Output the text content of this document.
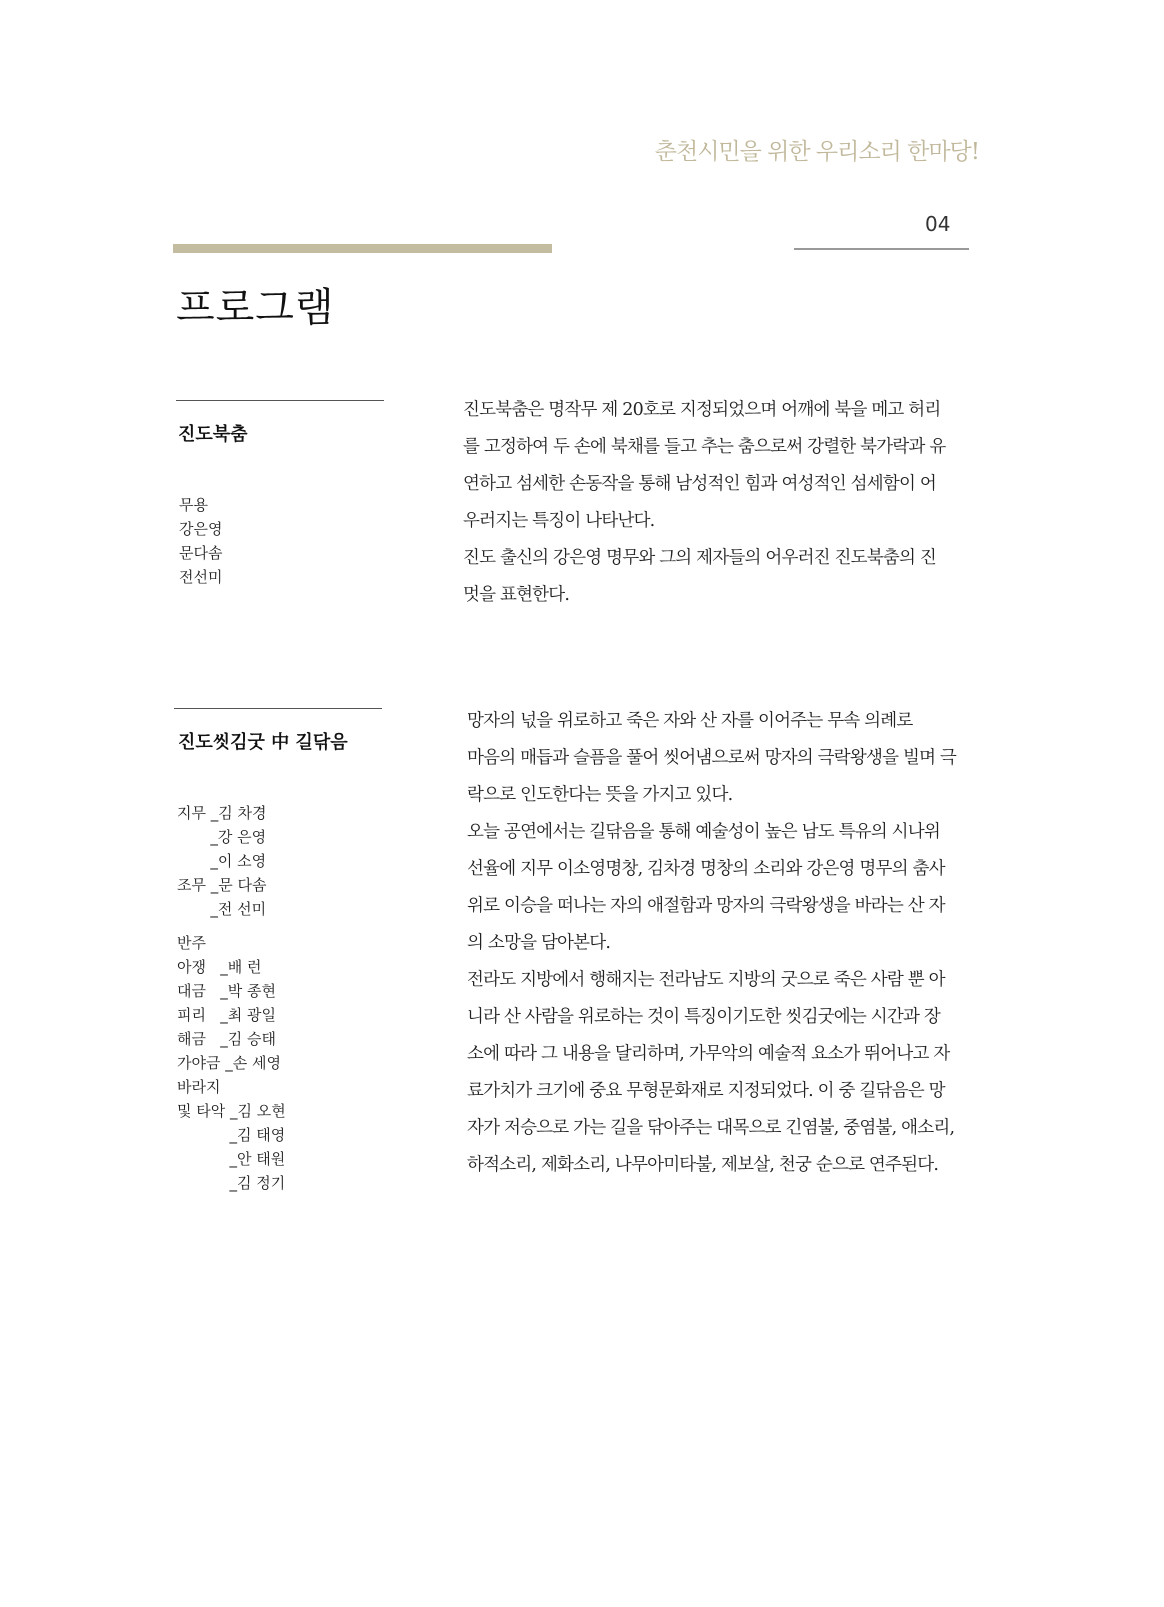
춘천시민을 위한 우리소리 한마당!
04
프로그램
진도북춤
무용
강은영
문다솜
전선미
진도북춤은 명작무 제 20호로 지정되었으며 어깨에 북을 메고 허리
를 고정하여 두 손에 북채를 들고 추는 춤으로써 강렬한 북가락과 유
연하고 섬세한 손동작을 통해 남성적인 힘과 여성적인 섬세함이 어
우러지는 특징이 나타난다.
진도 출신의 강은영 명무와 그의 제자들의 어우러진 진도북춤의 진
멋을 표현한다.
진도씻김굿 中 길닦음
지무 _김 차경
_강 은영
_이 소영
조무 _문 다솜
_전 선미
반주
아쟁   _배 런
대금   _박 종현
피리   _최 광일
해금   _김 승태
가야금 _손 세영
바라지
및 타악 _김 오현
_김 태영
_안 태원
_김 정기
망자의 넋을 위로하고 죽은 자와 산 자를 이어주는 무속 의례로
마음의 매듭과 슬픔을 풀어 씻어냄으로써 망자의 극락왕생을 빌며 극
락으로 인도한다는 뜻을 가지고 있다.
오늘 공연에서는 길닦음을 통해 예술성이 높은 남도 특유의 시나위
선율에 지무 이소영명창, 김차경 명창의 소리와 강은영 명무의 춤사
위로 이승을 떠나는 자의 애절함과 망자의 극락왕생을 바라는 산 자
의 소망을 담아본다.
전라도 지방에서 행해지는 전라남도 지방의 굿으로 죽은 사람 뿐 아
니라 산 사람을 위로하는 것이 특징이기도한 씻김굿에는 시간과 장
소에 따라 그 내용을 달리하며, 가무악의 예술적 요소가 뛰어나고 자
료가치가 크기에 중요 무형문화재로 지정되었다. 이 중 길닦음은 망
자가 저승으로 가는 길을 닦아주는 대목으로 긴염불, 중염불, 애소리,
하적소리, 제화소리, 나무아미타불, 제보살, 천궁 순으로 연주된다.
